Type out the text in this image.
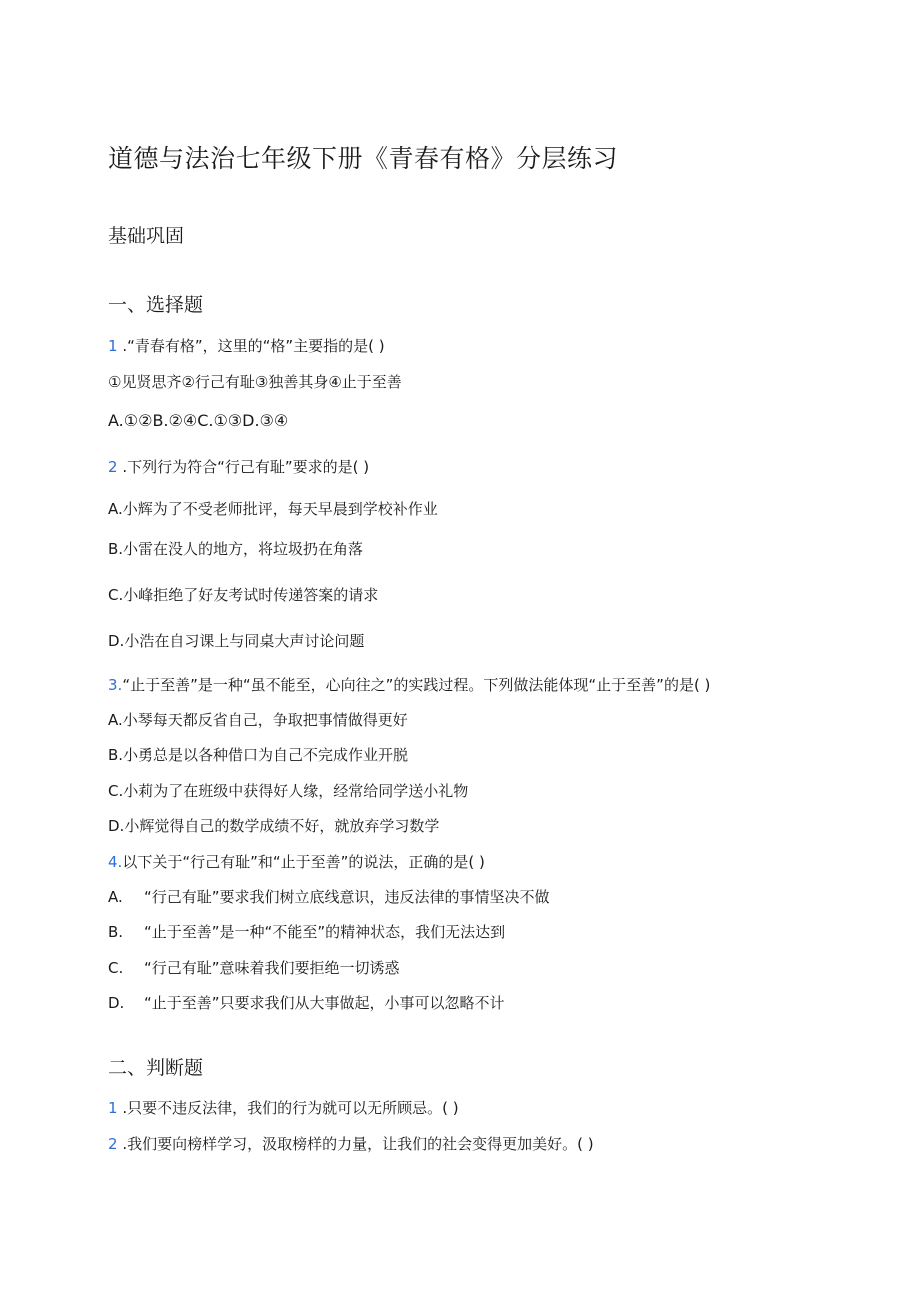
道德与法治七年级下册《青春有格》分层练习
基础巩固
一、选择题
1 .“青春有格”，这里的“格”主要指的是( )
①见贤思齐②行己有耻③独善其身④止于至善
A.①②B.②④C.①③D.③④
2 .下列行为符合“行己有耻”要求的是( )
A.小辉为了不受老师批评，每天早晨到学校补作业
B.小雷在没人的地方，将垃圾扔在角落
C.小峰拒绝了好友考试时传递答案的请求
D.小浩在自习课上与同桌大声讨论问题
3.“止于至善”是一种“虽不能至，心向往之”的实践过程。下列做法能体现“止于至善”的是( )
A.小琴每天都反省自己，争取把事情做得更好
B.小勇总是以各种借口为自己不完成作业开脱
C.小莉为了在班级中获得好人缘，经常给同学送小礼物
D.小辉觉得自己的数学成绩不好，就放弃学习数学
4.以下关于“行己有耻”和“止于至善”的说法，正确的是( )
A. “行己有耻”要求我们树立底线意识，违反法律的事情坚决不做
B. “止于至善”是一种“不能至”的精神状态，我们无法达到
C. “行己有耻”意味着我们要拒绝一切诱惑
D. “止于至善”只要求我们从大事做起，小事可以忽略不计
二、判断题
1 .只要不违反法律，我们的行为就可以无所顾忌。( )
2 .我们要向榜样学习，汲取榜样的力量，让我们的社会变得更加美好。( )
